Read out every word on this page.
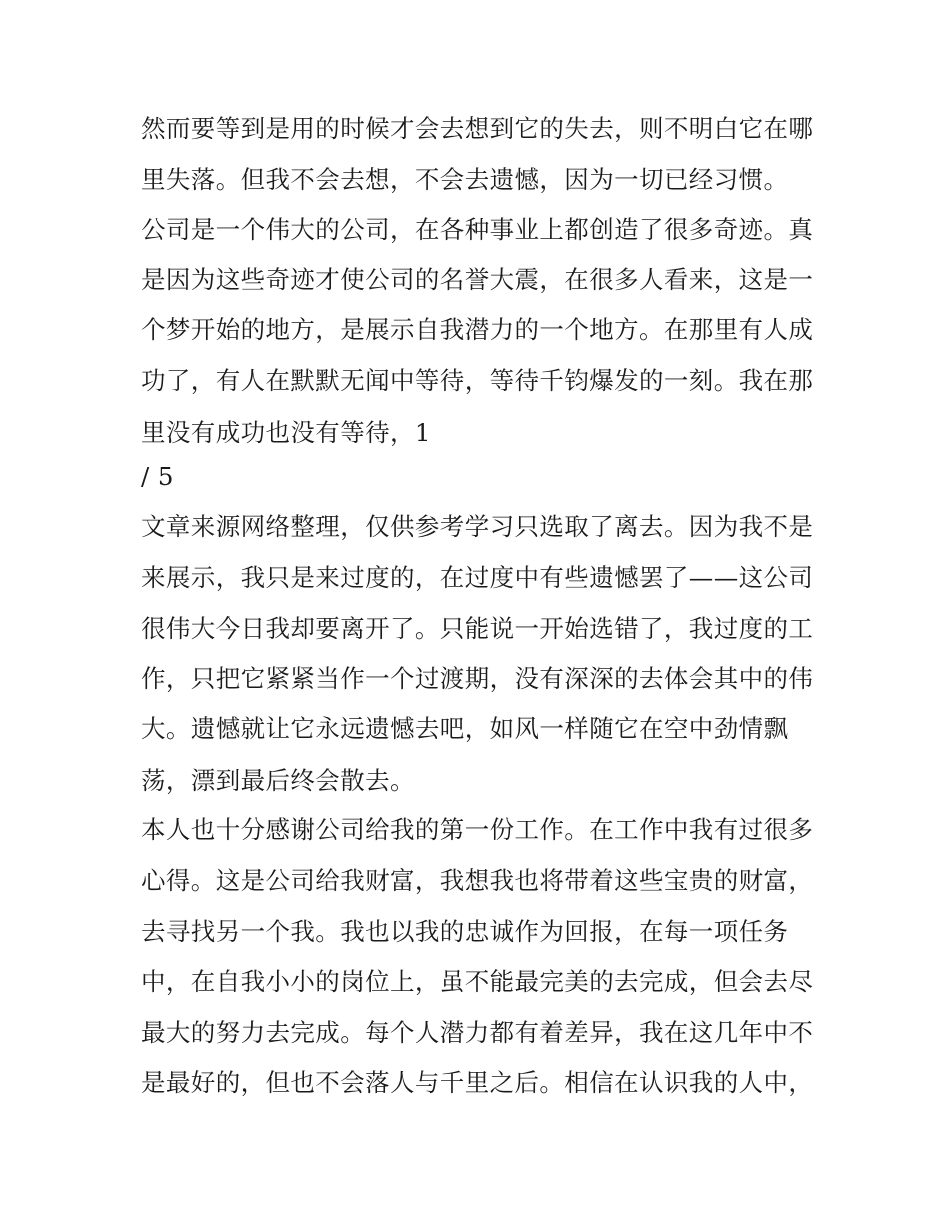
然而要等到是用的时候才会去想到它的失去，则不明白它在哪
里失落。但我不会去想，不会去遗憾，因为一切已经习惯。
公司是一个伟大的公司，在各种事业上都创造了很多奇迹。真
是因为这些奇迹才使公司的名誉大震，在很多人看来，这是一
个梦开始的地方，是展示自我潜力的一个地方。在那里有人成
功了，有人在默默无闻中等待，等待千钧爆发的一刻。我在那
里没有成功也没有等待，1
/ 5
文章来源网络整理，仅供参考学习只选取了离去。因为我不是
来展示，我只是来过度的，在过度中有些遗憾罢了——这公司
很伟大今日我却要离开了。只能说一开始选错了，我过度的工
作，只把它紧紧当作一个过渡期，没有深深的去体会其中的伟
大。遗憾就让它永远遗憾去吧，如风一样随它在空中劲情飘
荡，漂到最后终会散去。
本人也十分感谢公司给我的第一份工作。在工作中我有过很多
心得。这是公司给我财富，我想我也将带着这些宝贵的财富，
去寻找另一个我。我也以我的忠诚作为回报，在每一项任务
中，在自我小小的岗位上，虽不能最完美的去完成，但会去尽
最大的努力去完成。每个人潜力都有着差异，我在这几年中不
是最好的，但也不会落人与千里之后。相信在认识我的人中，
